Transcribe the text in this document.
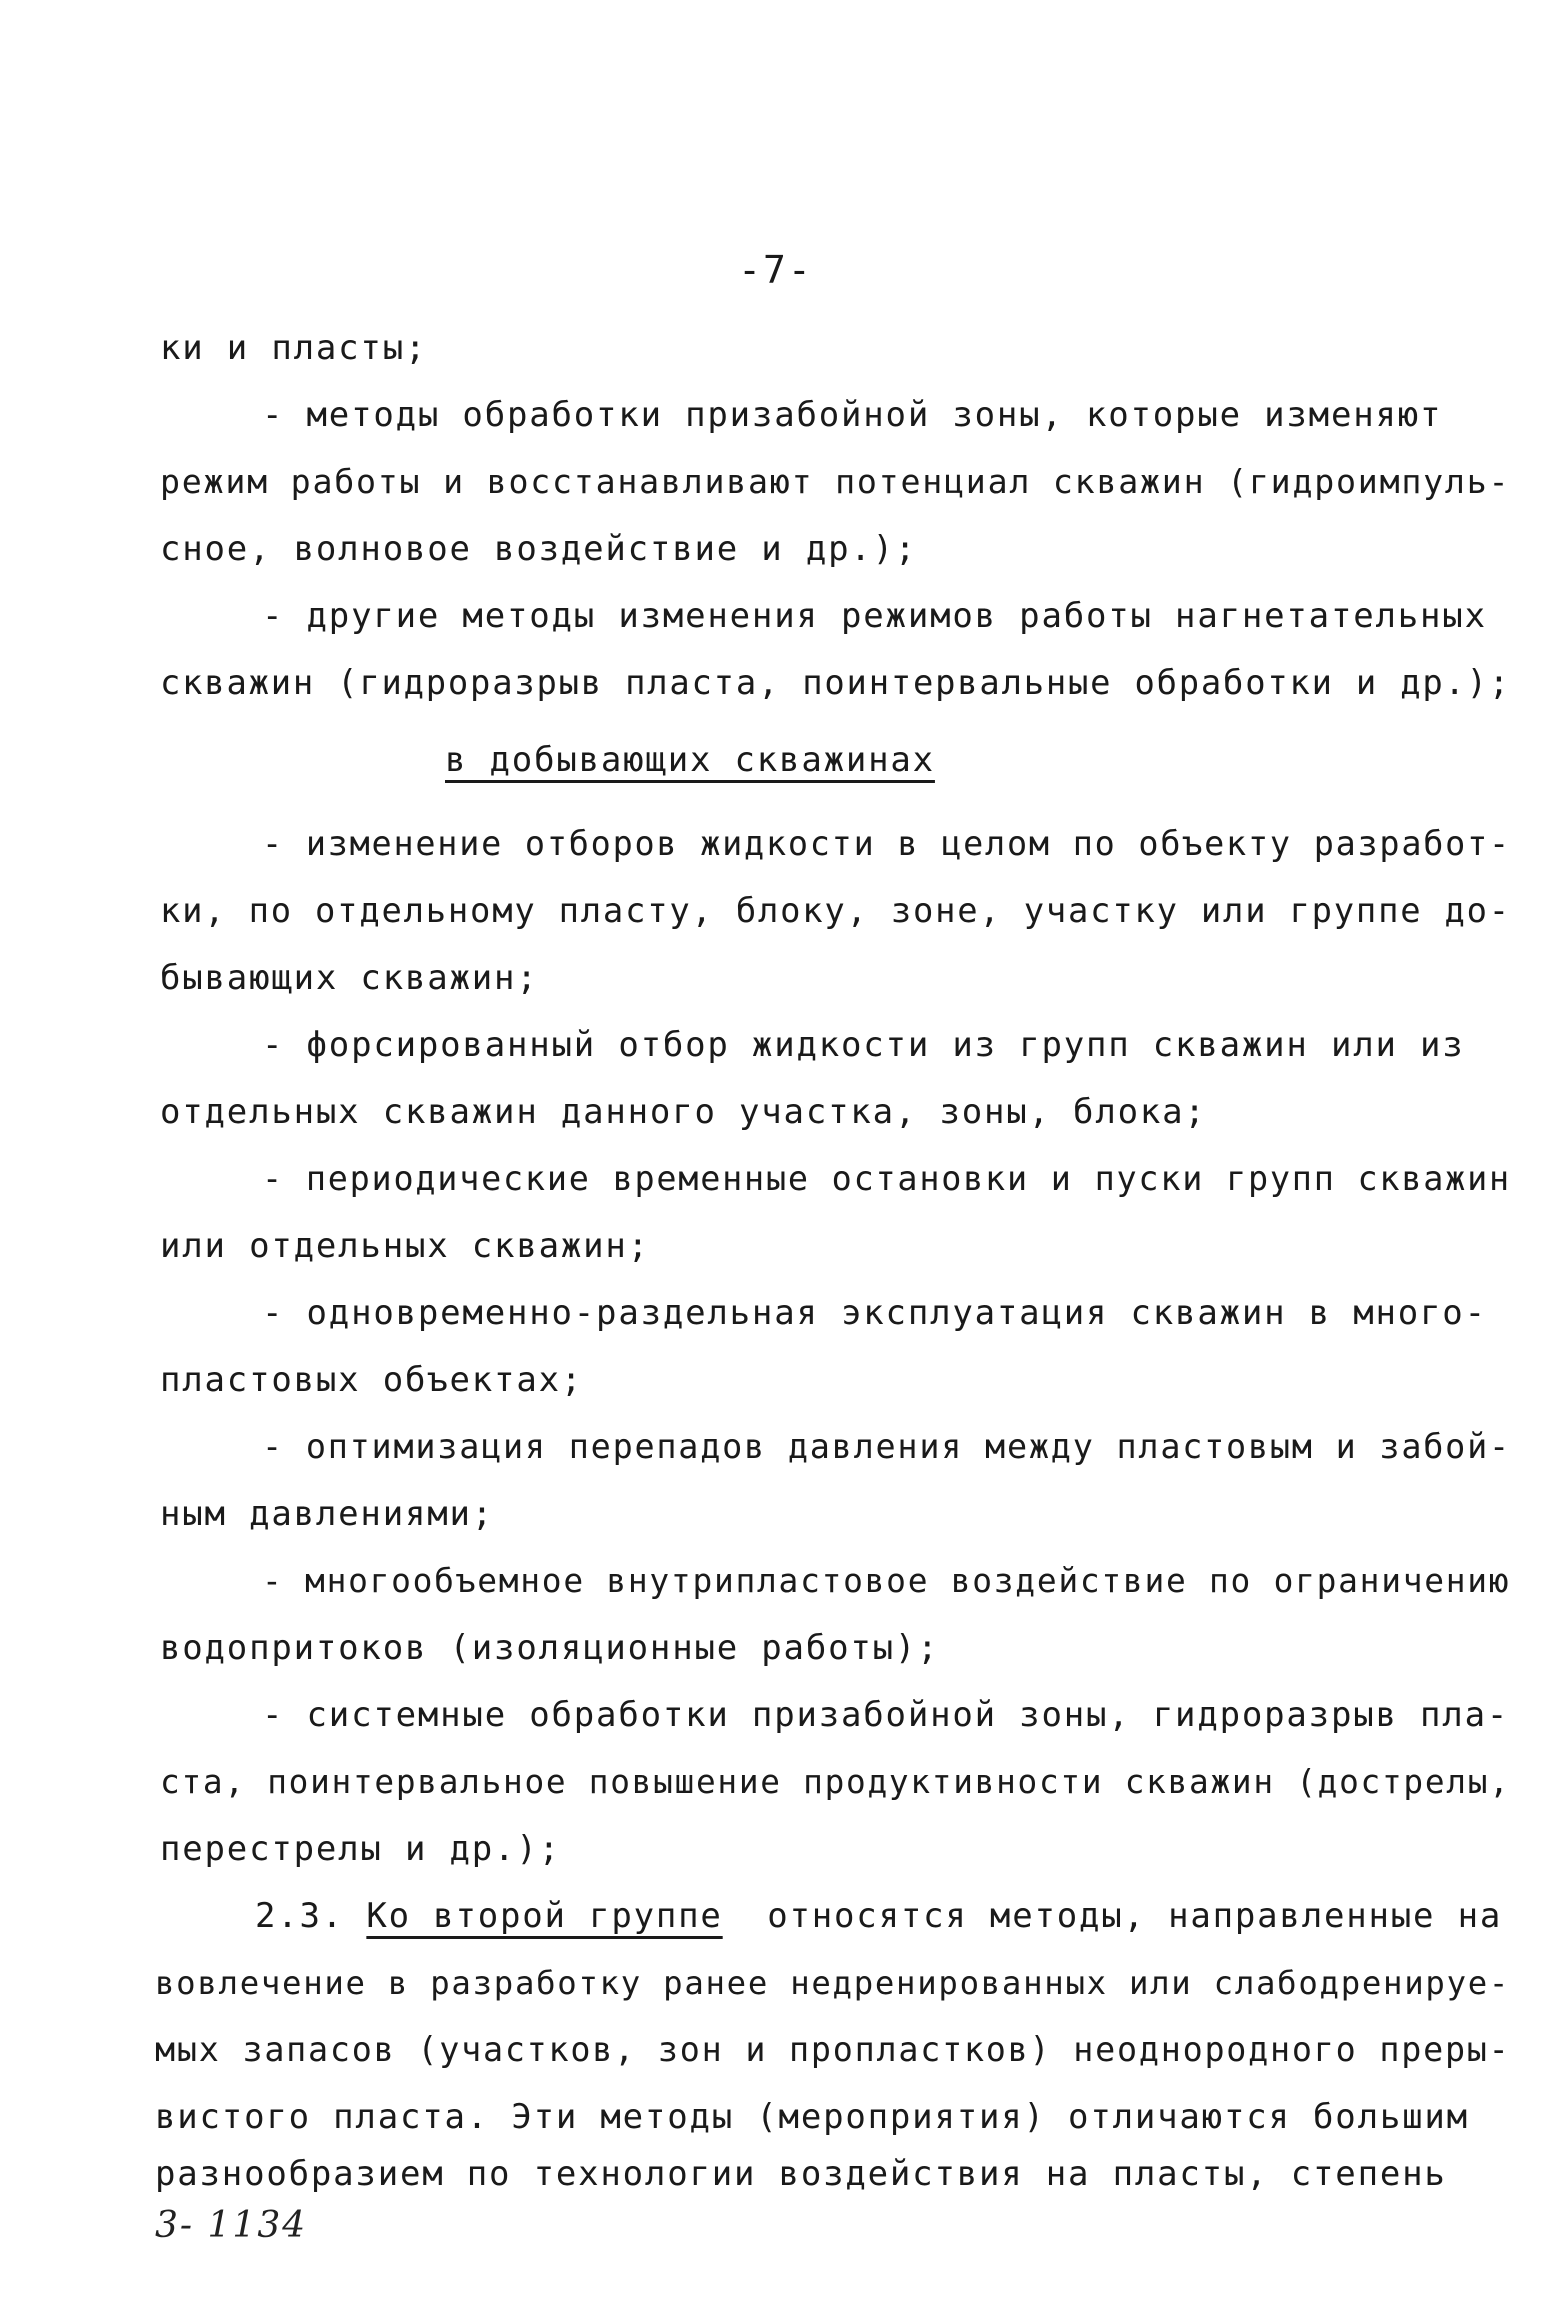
-7-
ки и пласты;
- методы обработки призабойной зоны, которые изменяют
режим работы и восстанавливают потенциал скважин (гидроимпуль-
сное, волновое воздействие и др.);
- другие методы изменения режимов работы нагнетательных
скважин (гидроразрыв пласта, поинтервальные обработки и др.);
в добывающих скважинах
- изменение отборов жидкости в целом по объекту разработ-
ки, по отдельному пласту, блоку, зоне, участку или группе до-
бывающих скважин;
- форсированный отбор жидкости из групп скважин или из
отдельных скважин данного участка, зоны, блока;
- периодические временные остановки и пуски групп скважин
или отдельных скважин;
- одновременно-раздельная эксплуатация скважин в много-
пластовых объектах;
- оптимизация перепадов давления между пластовым и забой-
ным давлениями;
- многообъемное внутрипластовое воздействие по ограничению
водопритоков (изоляционные работы);
- системные обработки призабойной зоны, гидроразрыв пла-
ста, поинтервальное повышение продуктивности скважин (дострелы,
перестрелы и др.);
2.3. Ко второй группе  относятся методы, направленные на
вовлечение в разработку ранее недренированных или слабодренируе-
мых запасов (участков, зон и пропластков) неоднородного преры-
вистого пласта. Эти методы (мероприятия) отличаются большим
разнообразием по технологии воздействия на пласты, степень
3- 1134
